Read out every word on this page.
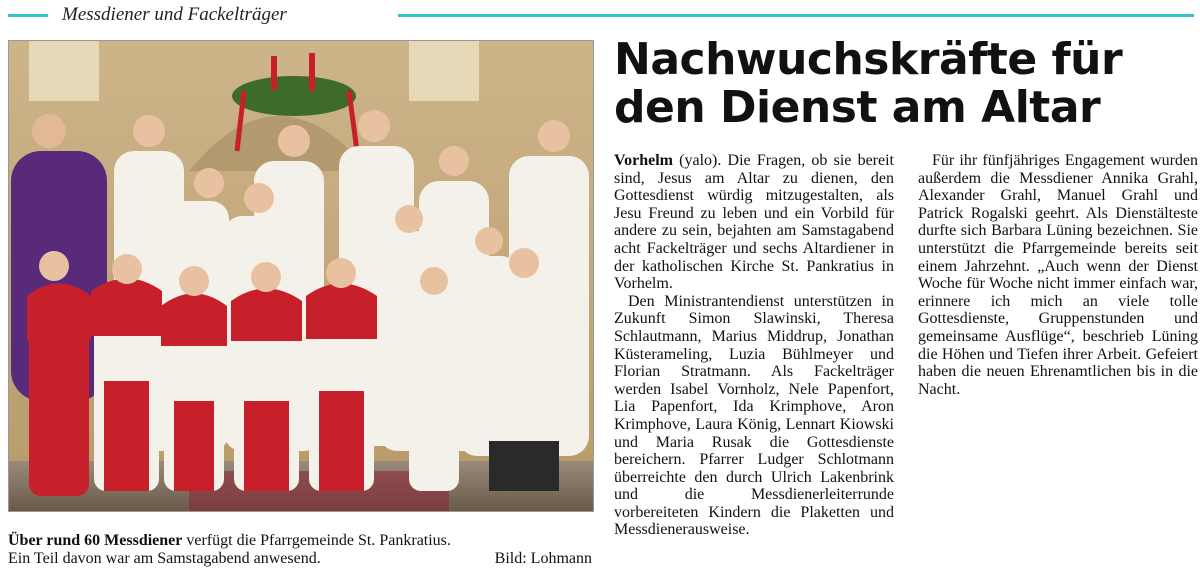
Messdiener und Fackelträger
Über rund 60 Messdiener verfügt die Pfarrgemeinde St. Pankratius.
Ein Teil davon war am Samstagabend anwesend.	Bild: Lohmann
Nachwuchskräfte für
den Dienst am Altar

Vorhelm (yalo). Die Fragen, ob sie bereit sind, Jesus am Altar zu dienen, den Gottesdienst würdig mitzugestalten, als Jesu Freund zu leben und ein Vorbild für andere zu sein, bejahten am Samstagabend acht Fackelträger und sechs Altardiener in der katholischen Kirche St. Pankratius in Vorhelm.

Den Ministrantendienst unterstützen in Zukunft Simon Slawinski, Theresa Schlautmann, Marius Middrup, Jonathan Küsterameling, Luzia Bühlmeyer und Florian Stratmann. Als Fackelträger werden Isabel Vornholz, Nele Papenfort, Lia Papenfort, Ida Krimphove, Aron Krimphove, Laura König, Lennart Kiowski und Maria Rusak die Gottesdienste bereichern. Pfarrer Ludger Schlotmann überreichte den durch Ulrich Lakenbrink und die Messdienerleiterrunde vorbereiteten Kindern die Plaketten und Messdienerausweise.

Für ihr fünfjähriges Engagement wurden außerdem die Messdiener Annika Grahl, Alexander Grahl, Manuel Grahl und Patrick Rogalski geehrt. Als Dienstälteste durfte sich Barbara Lüning bezeichnen. Sie unterstützt die Pfarrgemeinde bereits seit einem Jahrzehnt. „Auch wenn der Dienst Woche für Woche nicht immer einfach war, erinnere ich mich an viele tolle Gottesdienste, Gruppenstunden und gemeinsame Ausflüge“, beschrieb Lüning die Höhen und Tiefen ihrer Arbeit. Gefeiert haben die neuen Ehrenamtlichen bis in die Nacht.
